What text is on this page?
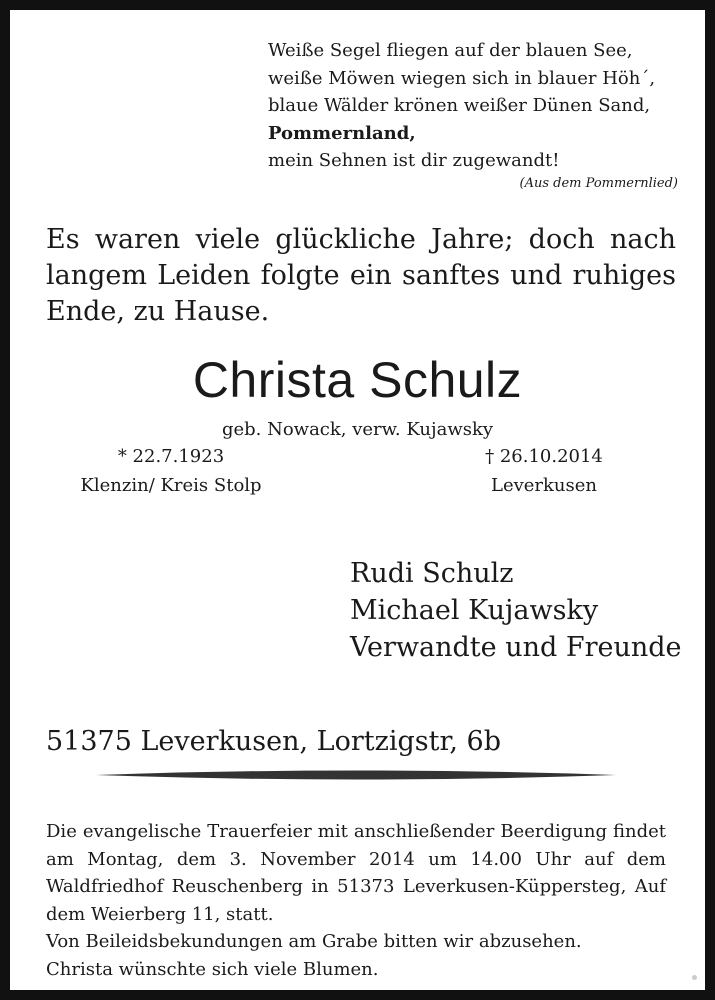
Weiße Segel fliegen auf der blauen See,
weiße Möwen wiegen sich in blauer Höh´,
blaue Wälder krönen weißer Dünen Sand,
Pommernland,
mein Sehnen ist dir zugewandt!
(Aus dem Pommernlied)
Es waren viele glückliche Jahre; doch nach langem Leiden folgte ein sanftes und ruhiges Ende, zu Hause.
Christa Schulz
geb. Nowack, verw. Kujawsky
* 22.7.1923
Klenzin/ Kreis Stolp
† 26.10.2014
Leverkusen
Rudi Schulz
Michael Kujawsky
Verwandte und Freunde
51375 Leverkusen, Lortzigstr, 6b
Die evangelische Trauerfeier mit anschließender Beerdigung findet am Montag, dem 3. November 2014 um 14.00 Uhr auf dem Waldfriedhof Reuschenberg in 51373 Leverkusen-Küppersteg, Auf dem Weierberg 11, statt.
Von Beileidsbekundungen am Grabe bitten wir abzusehen.
Christa wünschte sich viele Blumen.
